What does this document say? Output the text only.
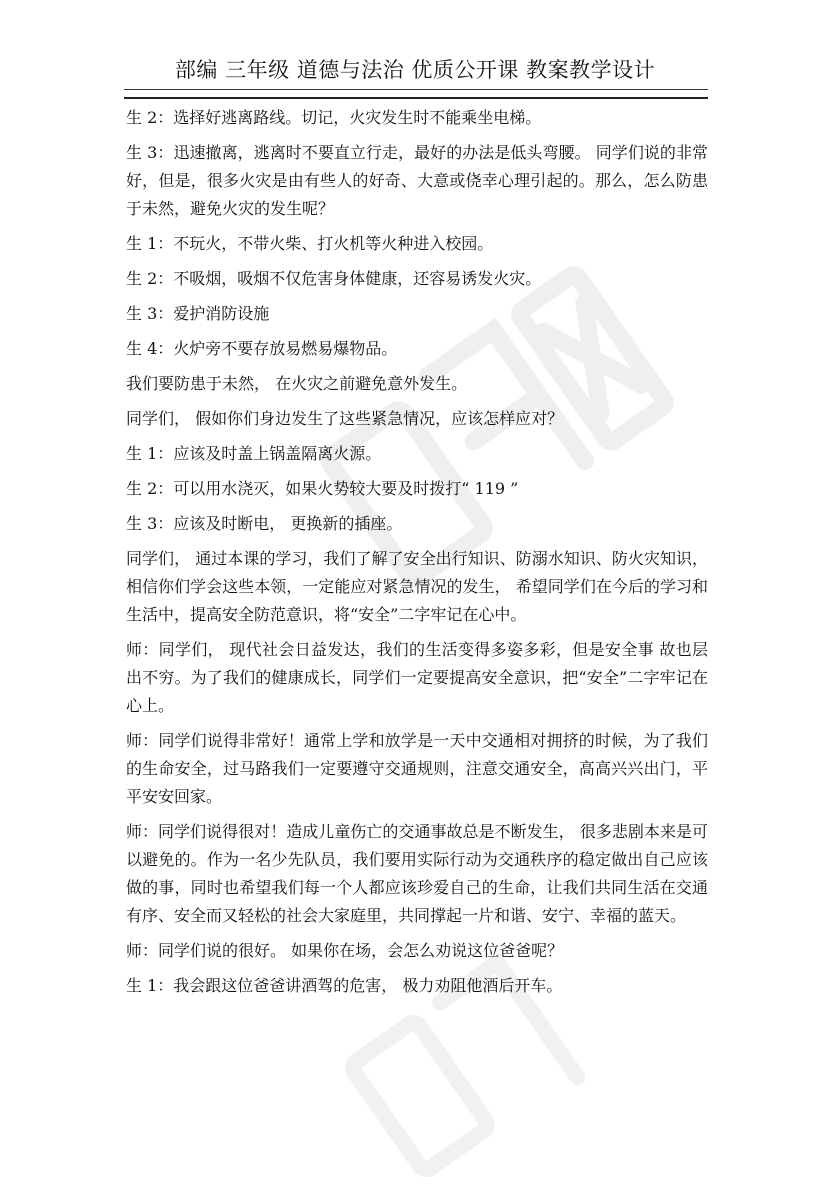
部编 三年级 道德与法治 优质公开课 教案教学设计

生 2：选择好逃离路线。切记，火灾发生时不能乘坐电梯。

生 3：迅速撤离，逃离时不要直立行走，最好的办法是低头弯腰。 同学们说的非常好，但是，很多火灾是由有些人的好奇、大意或侥幸心理引起的。那么，怎么防患于未然，避免火灾的发生呢？

生 1：不玩火，不带火柴、打火机等火种进入校园。

生 2：不吸烟，吸烟不仅危害身体健康，还容易诱发火灾。

生 3：爱护消防设施

生 4：火炉旁不要存放易燃易爆物品。

我们要防患于未然， 在火灾之前避免意外发生。

同学们， 假如你们身边发生了这些紧急情况，应该怎样应对？

生 1：应该及时盖上锅盖隔离火源。

生 2：可以用水浇灭，如果火势较大要及时拨打“ 119 ”

生 3：应该及时断电， 更换新的插座。

同学们， 通过本课的学习，我们了解了安全出行知识、防溺水知识、防火灾知识，相信你们学会这些本领，一定能应对紧急情况的发生， 希望同学们在今后的学习和生活中，提高安全防范意识，将“安全”二字牢记在心中。

师：同学们， 现代社会日益发达，我们的生活变得多姿多彩，但是安全事 故也层出不穷。为了我们的健康成长，同学们一定要提高安全意识，把“安全”二字牢记在心上。

师：同学们说得非常好！通常上学和放学是一天中交通相对拥挤的时候，为了我们的生命安全，过马路我们一定要遵守交通规则，注意交通安全，高高兴兴出门，平平安安回家。

师：同学们说得很对！造成儿童伤亡的交通事故总是不断发生， 很多悲剧本来是可以避免的。作为一名少先队员，我们要用实际行动为交通秩序的稳定做出自己应该做的事，同时也希望我们每一个人都应该珍爱自己的生命，让我们共同生活在交通有序、安全而又轻松的社会大家庭里，共同撑起一片和谐、安宁、幸福的蓝天。

师：同学们说的很好。 如果你在场，会怎么劝说这位爸爸呢？

生 1：我会跟这位爸爸讲酒驾的危害， 极力劝阻他酒后开车。
